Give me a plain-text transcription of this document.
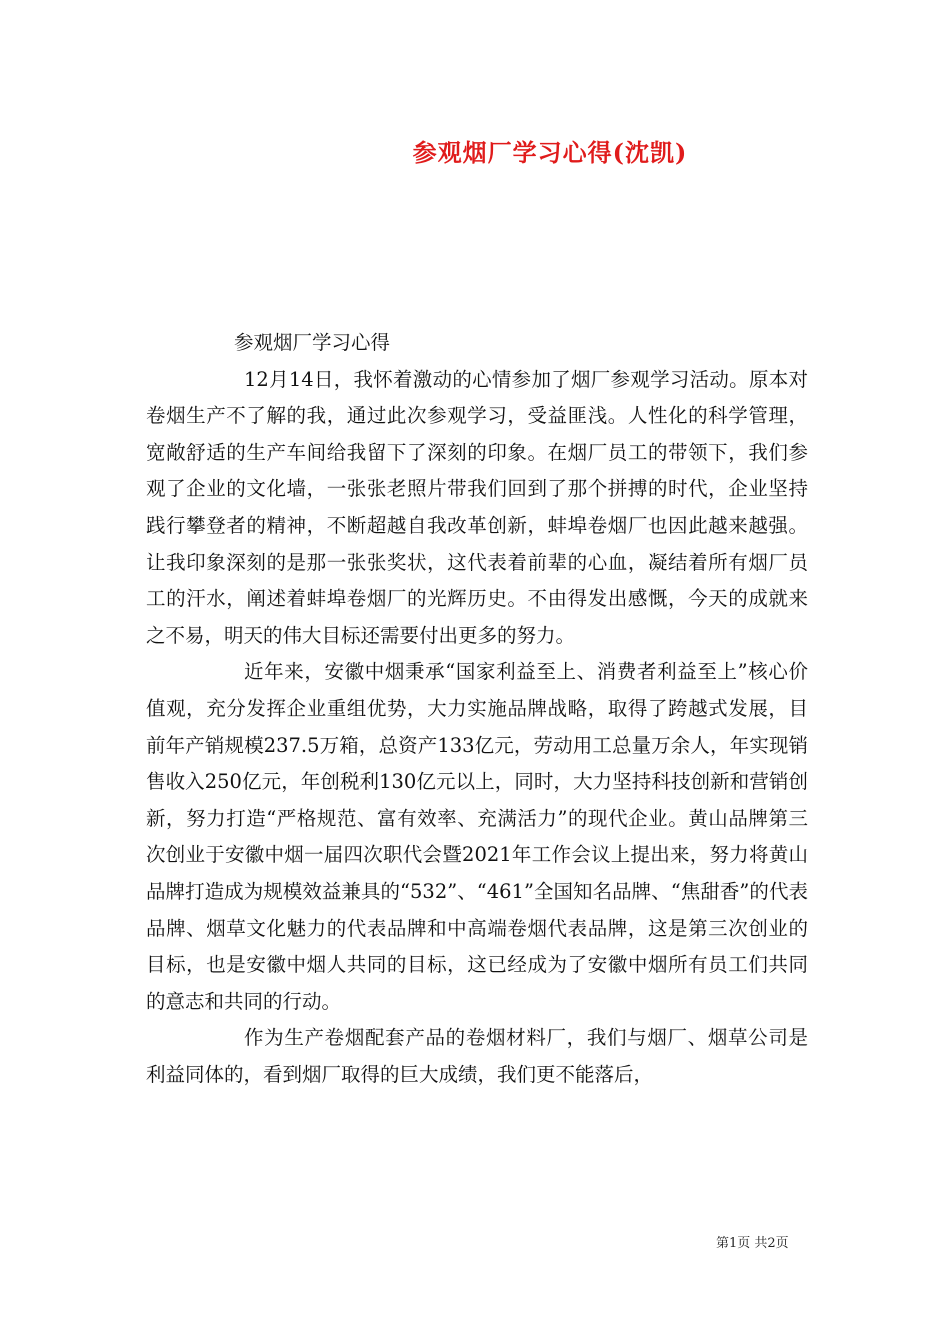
参观烟厂学习心得(沈凯)

参观烟厂学习心得

12月14日，我怀着激动的心情参加了烟厂参观学习活动。原本对卷烟生产不了解的我，通过此次参观学习，受益匪浅。人性化的科学管理，宽敞舒适的生产车间给我留下了深刻的印象。在烟厂员工的带领下，我们参观了企业的文化墙，一张张老照片带我们回到了那个拼搏的时代，企业坚持践行攀登者的精神，不断超越自我改革创新，蚌埠卷烟厂也因此越来越强。让我印象深刻的是那一张张奖状，这代表着前辈的心血，凝结着所有烟厂员工的汗水，阐述着蚌埠卷烟厂的光辉历史。不由得发出感慨，今天的成就来之不易，明天的伟大目标还需要付出更多的努力。

近年来，安徽中烟秉承“国家利益至上、消费者利益至上”核心价值观，充分发挥企业重组优势，大力实施品牌战略，取得了跨越式发展，目前年产销规模237.5万箱，总资产133亿元，劳动用工总量万余人，年实现销售收入250亿元，年创税利130亿元以上，同时，大力坚持科技创新和营销创新，努力打造“严格规范、富有效率、充满活力”的现代企业。黄山品牌第三次创业于安徽中烟一届四次职代会暨2021年工作会议上提出来，努力将黄山品牌打造成为规模效益兼具的“532”、“461”全国知名品牌、“焦甜香”的代表品牌、烟草文化魅力的代表品牌和中高端卷烟代表品牌，这是第三次创业的目标，也是安徽中烟人共同的目标，这已经成为了安徽中烟所有员工们共同的意志和共同的行动。

作为生产卷烟配套产品的卷烟材料厂，我们与烟厂、烟草公司是利益同体的，看到烟厂取得的巨大成绩，我们更不能落后，

第1页 共2页
